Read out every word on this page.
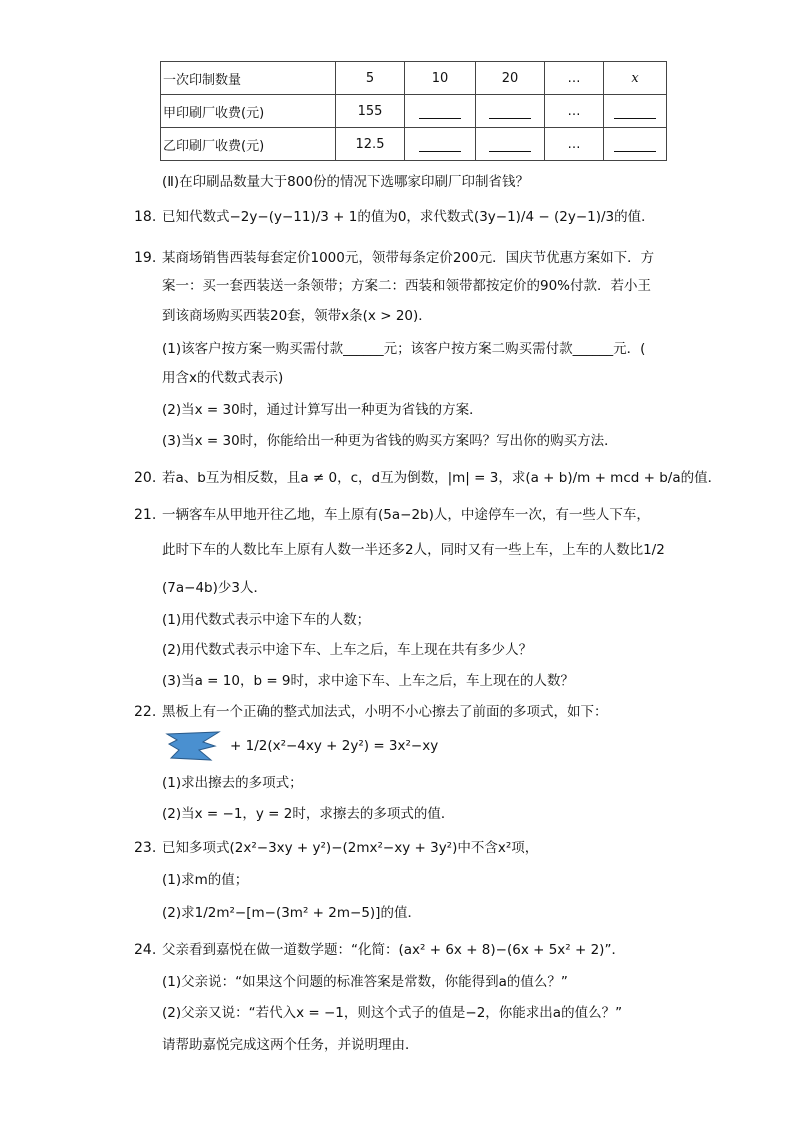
一次印制数量	5	10	20	…	x
甲印刷厂收费(元)	155			…	
乙印刷厂收费(元)	12.5			…	
(Ⅱ)在印刷品数量大于800份的情况下选哪家印刷厂印制省钱？
18. 已知代数式−2y−(y−11)/3 + 1的值为0，求代数式(3y−1)/4 − (2y−1)/3的值．
19. 某商场销售西装每套定价1000元，领带每条定价200元．国庆节优惠方案如下．方
案一：买一套西装送一条领带；方案二：西装和领带都按定价的90%付款．若小王
到该商场购买西装20套，领带x条(x > 20)．
(1)该客户按方案一购买需付款______元；该客户按方案二购买需付款______元．(
用含x的代数式表示)
(2)当x = 30时，通过计算写出一种更为省钱的方案．
(3)当x = 30时，你能给出一种更为省钱的购买方案吗？写出你的购买方法．
20. 若a、b互为相反数，且a ≠ 0，c，d互为倒数，|m| = 3，求(a + b)/m + mcd + b/a的值．
21. 一辆客车从甲地开往乙地，车上原有(5a−2b)人，中途停车一次，有一些人下车，
此时下车的人数比车上原有人数一半还多2人，同时又有一些上车，上车的人数比1/2
(7a−4b)少3人．
(1)用代数式表示中途下车的人数；
(2)用代数式表示中途下车、上车之后，车上现在共有多少人？
(3)当a = 10，b = 9时，求中途下车、上车之后，车上现在的人数？
22. 黑板上有一个正确的整式加法式，小明不小心擦去了前面的多项式，如下：
+ 1/2(x²−4xy + 2y²) = 3x²−xy
(1)求出擦去的多项式；
(2)当x = −1，y = 2时，求擦去的多项式的值．
23. 已知多项式(2x²−3xy + y²)−(2mx²−xy + 3y²)中不含x²项，
(1)求m的值；
(2)求1/2m²−[m−(3m² + 2m−5)]的值．
24. 父亲看到嘉悦在做一道数学题：“化简：(ax² + 6x + 8)−(6x + 5x² + 2)”．
(1)父亲说：“如果这个问题的标准答案是常数，你能得到a的值么？”
(2)父亲又说：“若代入x = −1，则这个式子的值是−2，你能求出a的值么？”
请帮助嘉悦完成这两个任务，并说明理由．
